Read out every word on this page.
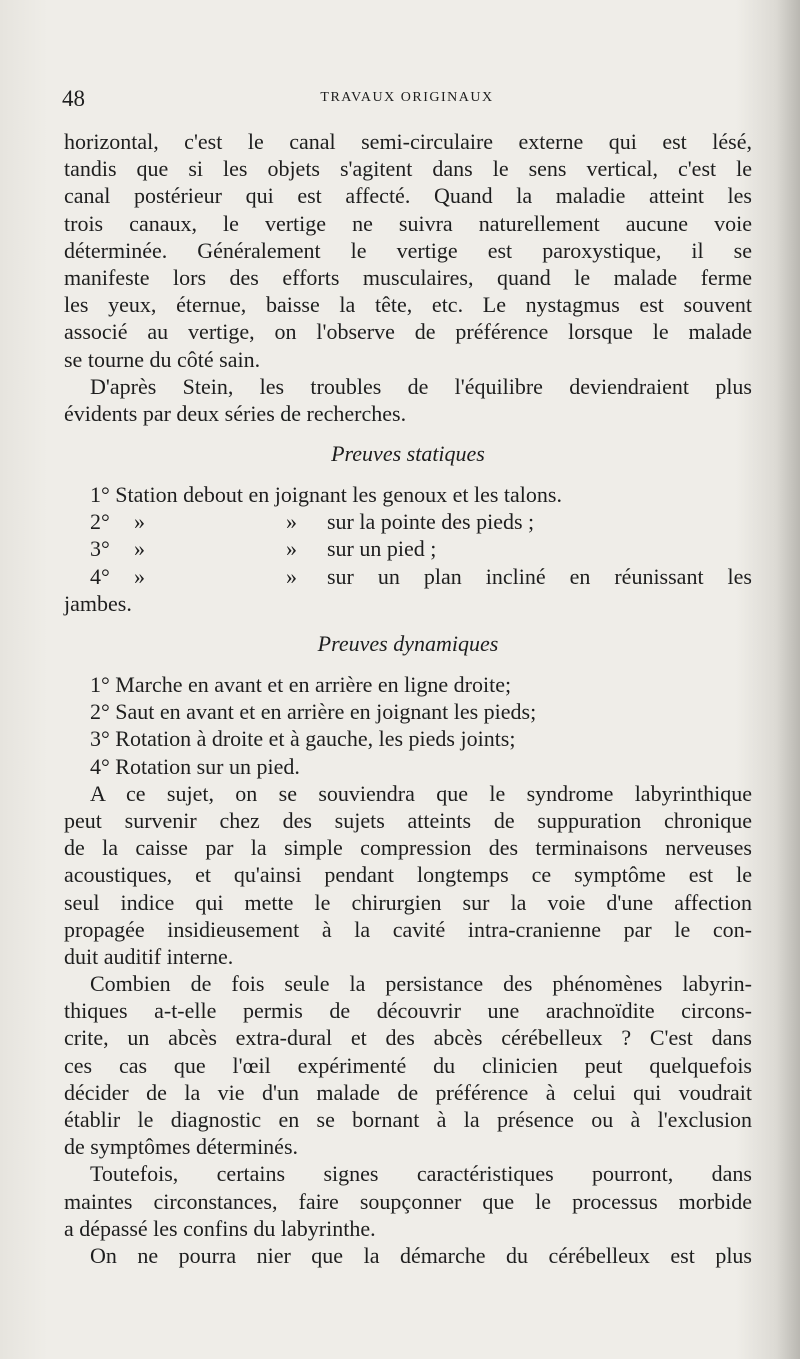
48	TRAVAUX ORIGINAUX
horizontal, c'est le canal semi-circulaire externe qui est lésé,
tandis que si les objets s'agitent dans le sens vertical, c'est le
canal postérieur qui est affecté. Quand la maladie atteint les
trois canaux, le vertige ne suivra naturellement aucune voie
déterminée. Généralement le vertige est paroxystique, il se
manifeste lors des efforts musculaires, quand le malade ferme
les yeux, éternue, baisse la tête, etc. Le nystagmus est souvent
associé au vertige, on l'observe de préférence lorsque le malade
se tourne du côté sain.
D'après Stein, les troubles de l'équilibre deviendraient plus
évidents par deux séries de recherches.
Preuves statiques
1° Station debout en joignant les genoux et les talons.
2° »	» sur la pointe des pieds ;
3° »	» sur un pied ;
4°	»	»	sur un plan incliné en réunissant les
jambes.
Preuves dynamiques
1° Marche en avant et en arrière en ligne droite;
2° Saut en avant et en arrière en joignant les pieds;
3° Rotation à droite et à gauche, les pieds joints;
4° Rotation sur un pied.
A ce sujet, on se souviendra que le syndrome labyrinthique
peut survenir chez des sujets atteints de suppuration chronique
de la caisse par la simple compression des terminaisons nerveuses
acoustiques, et qu'ainsi pendant longtemps ce symptôme est le
seul indice qui mette le chirurgien sur la voie d'une affection
propagée insidieusement à la cavité intra-cranienne par le con-
duit auditif interne.
Combien de fois seule la persistance des phénomènes labyrin-
thiques a-t-elle permis de découvrir une arachnoïdite circons-
crite, un abcès extra-dural et des abcès cérébelleux ? C'est dans
ces cas que l'œil expérimenté du clinicien peut quelquefois
décider de la vie d'un malade de préférence à celui qui voudrait
établir le diagnostic en se bornant à la présence ou à l'exclusion
de symptômes déterminés.
Toutefois, certains signes caractéristiques pourront, dans
maintes circonstances, faire soupçonner que le processus morbide
a dépassé les confins du labyrinthe.
On ne pourra nier que la démarche du cérébelleux est plus
